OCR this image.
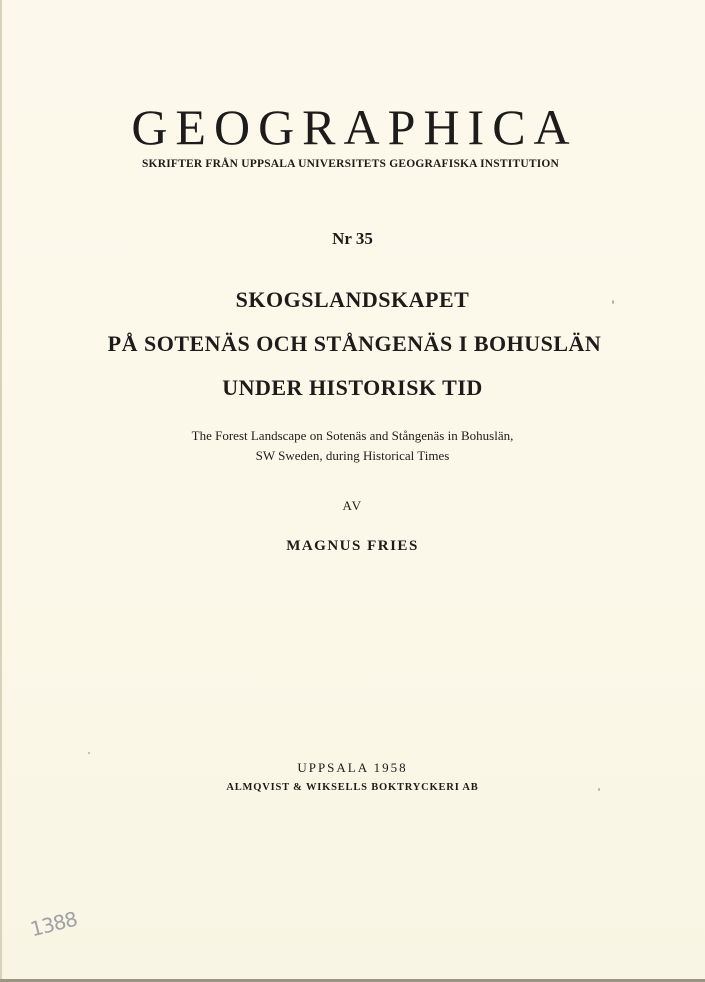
GEOGRAPHICA
SKRIFTER FRÅN UPPSALA UNIVERSITETS GEOGRAFISKA INSTITUTION
Nr 35
SKOGSLANDSKAPET
PÅ SOTENÄS OCH STÅNGENÄS I BOHUSLÄN
UNDER HISTORISK TID
The Forest Landscape on Sotenäs and Stångenäs in Bohuslän,
SW Sweden, during Historical Times
AV
MAGNUS FRIES
UPPSALA 1958
ALMQVIST & WIKSELLS BOKTRYCKERI AB
1388
